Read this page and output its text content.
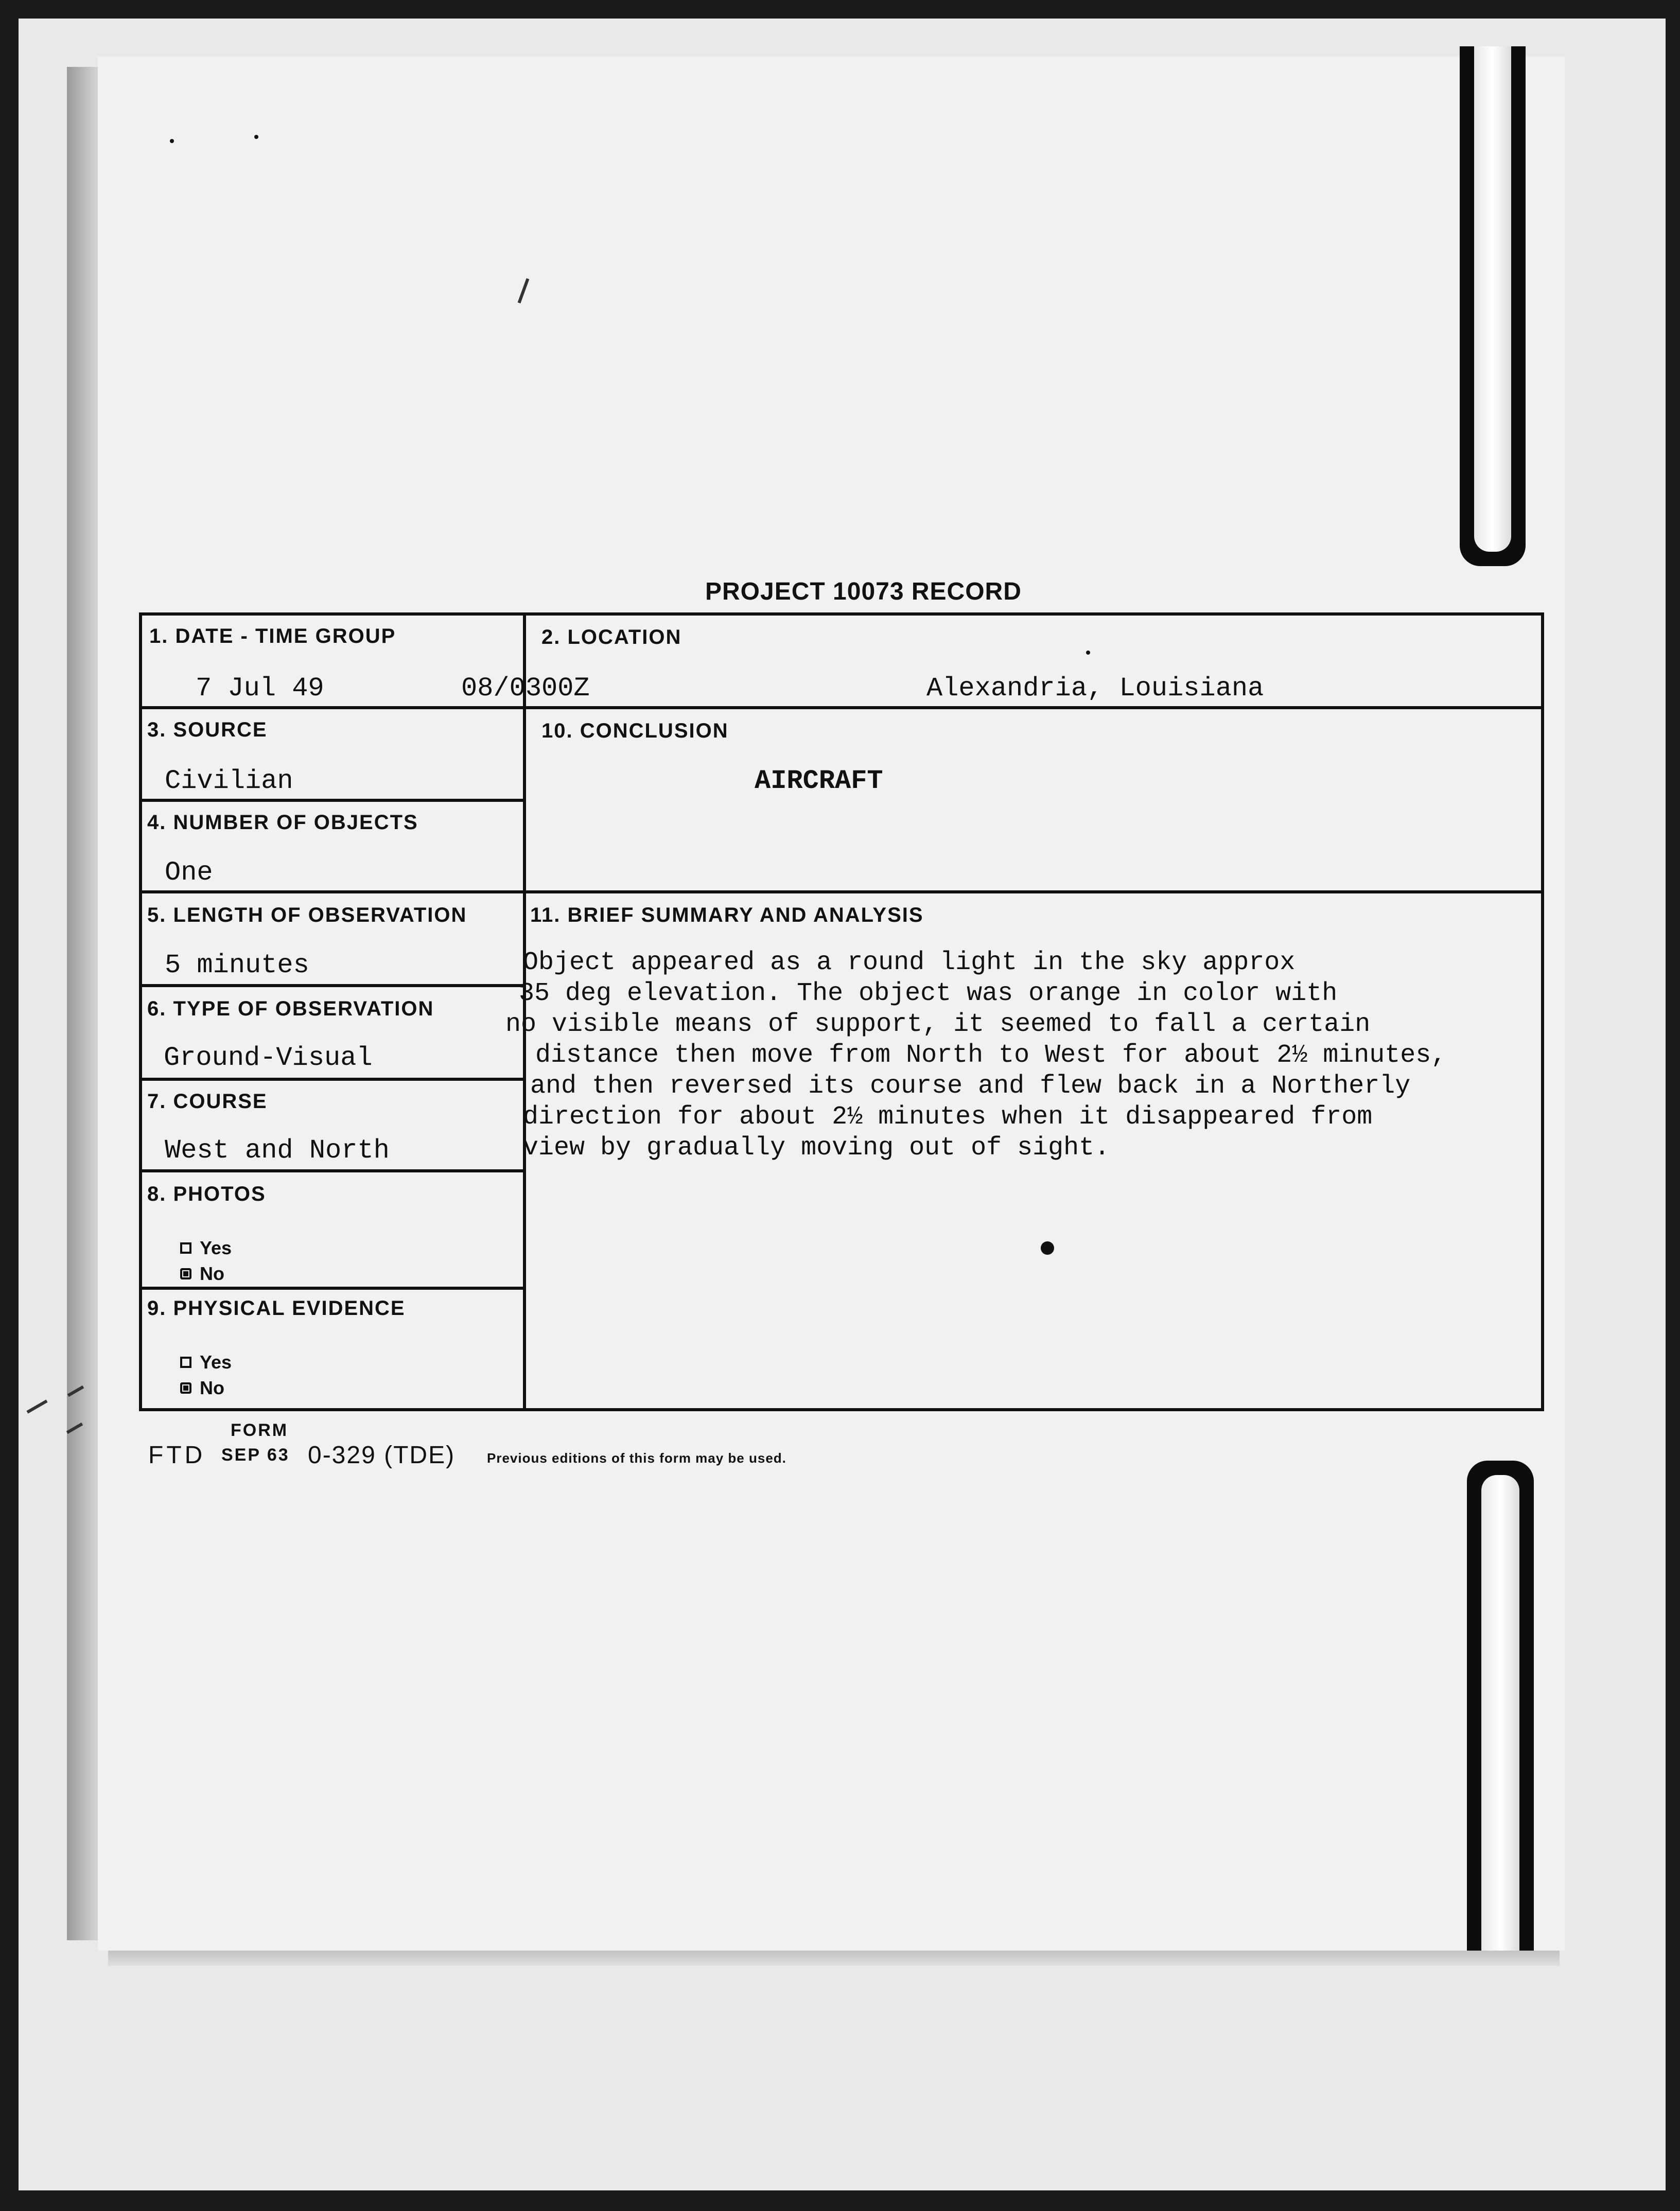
PROJECT 10073 RECORD
1. DATE - TIME GROUP
7 Jul 49	08/0300Z
2. LOCATION
Alexandria, Louisiana
3. SOURCE
Civilian
10. CONCLUSION
AIRCRAFT
4. NUMBER OF OBJECTS
One
5. LENGTH OF OBSERVATION
5 minutes
11. BRIEF SUMMARY AND ANALYSIS
Object appeared as a round light in the sky approx
35 deg elevation. The object was orange in color with
no visible means of support, it seemed to fall a certain
distance then move from North to West for about 2½ minutes,
and then reversed its course and flew back in a Northerly
direction for about 2½ minutes when it disappeared from
view by gradually moving out of sight.
6. TYPE OF OBSERVATION
Ground-Visual
7. COURSE
West and North
8. PHOTOS
Yes
No
9. PHYSICAL EVIDENCE
Yes
No
FORM
FTD SEP 63 0-329 (TDE) Previous editions of this form may be used.
